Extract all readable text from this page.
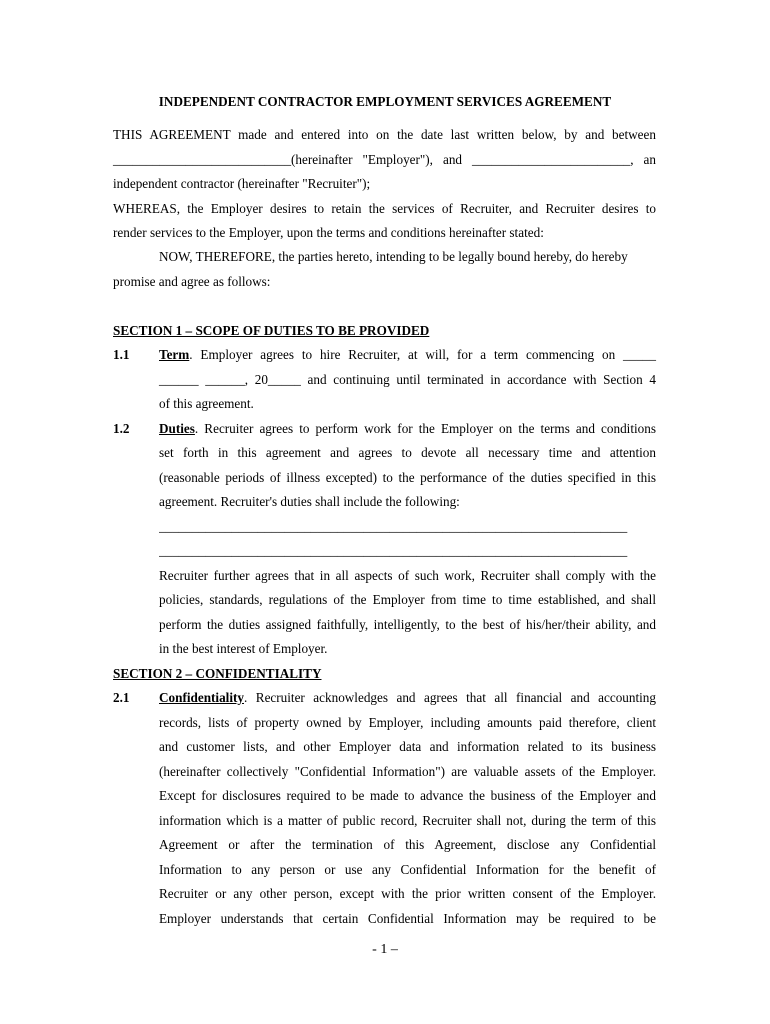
INDEPENDENT CONTRACTOR EMPLOYMENT SERVICES AGREEMENT
THIS AGREEMENT made and entered into on the date last written below, by and between
___________________________(hereinafter "Employer"), and ________________________, an
independent contractor (hereinafter "Recruiter");
WHEREAS, the Employer desires to retain the services of Recruiter, and Recruiter desires to
render services to the Employer, upon the terms and conditions hereinafter stated:
NOW, THEREFORE, the parties hereto, intending to be legally bound hereby, do hereby
promise and agree as follows:
SECTION 1 – SCOPE OF DUTIES TO BE PROVIDED
1.1 Term. Employer agrees to hire Recruiter, at will, for a term commencing on _____
______ ______, 20_____ and continuing until terminated in accordance with Section 4
of this agreement.
1.2 Duties. Recruiter agrees to perform work for the Employer on the terms and conditions
set forth in this agreement and agrees to devote all necessary time and attention
(reasonable periods of illness excepted) to the performance of the duties specified in this
agreement. Recruiter's duties shall include the following:
_______________________________________________________________________
_______________________________________________________________________
Recruiter further agrees that in all aspects of such work, Recruiter shall comply with the
policies, standards, regulations of the Employer from time to time established, and shall
perform the duties assigned faithfully, intelligently, to the best of his/her/their ability, and
in the best interest of Employer.
SECTION 2 – CONFIDENTIALITY
2.1 Confidentiality. Recruiter acknowledges and agrees that all financial and accounting
records, lists of property owned by Employer, including amounts paid therefore, client
and customer lists, and other Employer data and information related to its business
(hereinafter collectively "Confidential Information") are valuable assets of the Employer.
Except for disclosures required to be made to advance the business of the Employer and
information which is a matter of public record, Recruiter shall not, during the term of this
Agreement or after the termination of this Agreement, disclose any Confidential
Information to any person or use any Confidential Information for the benefit of
Recruiter or any other person, except with the prior written consent of the Employer.
Employer understands that certain Confidential Information may be required to be
- 1 –
